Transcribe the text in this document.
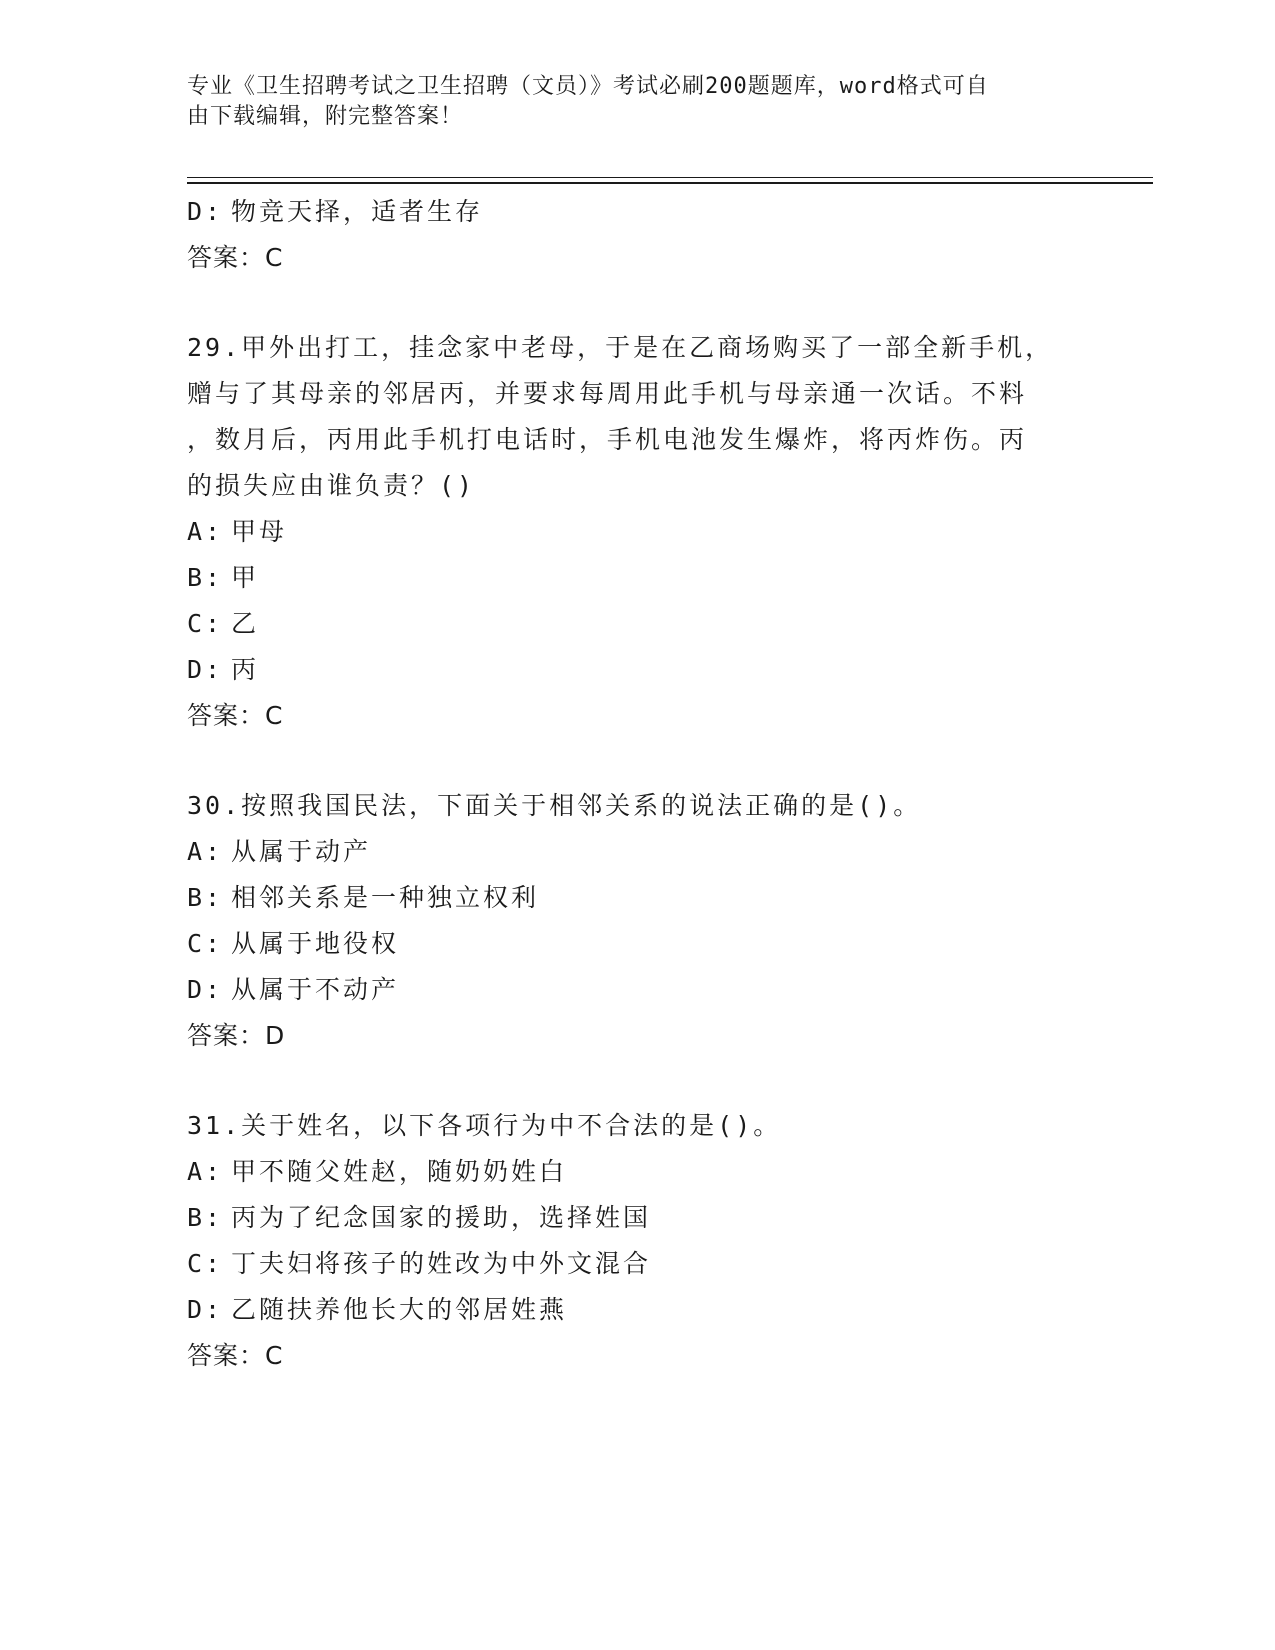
专业《卫生招聘考试之卫生招聘（文员）》考试必刷200题题库，word格式可自
由下载编辑，附完整答案！
D: 物竞天择，适者生存
答案：C
29.甲外出打工，挂念家中老母，于是在乙商场购买了一部全新手机，
赠与了其母亲的邻居丙，并要求每周用此手机与母亲通一次话。不料
，数月后，丙用此手机打电话时，手机电池发生爆炸，将丙炸伤。丙
的损失应由谁负责？()
A: 甲母
B: 甲
C: 乙
D: 丙
答案：C
30.按照我国民法，下面关于相邻关系的说法正确的是()。
A: 从属于动产
B: 相邻关系是一种独立权利
C: 从属于地役权
D: 从属于不动产
答案：D
31.关于姓名，以下各项行为中不合法的是()。
A: 甲不随父姓赵，随奶奶姓白
B: 丙为了纪念国家的援助，选择姓国
C: 丁夫妇将孩子的姓改为中外文混合
D: 乙随扶养他长大的邻居姓燕
答案：C
